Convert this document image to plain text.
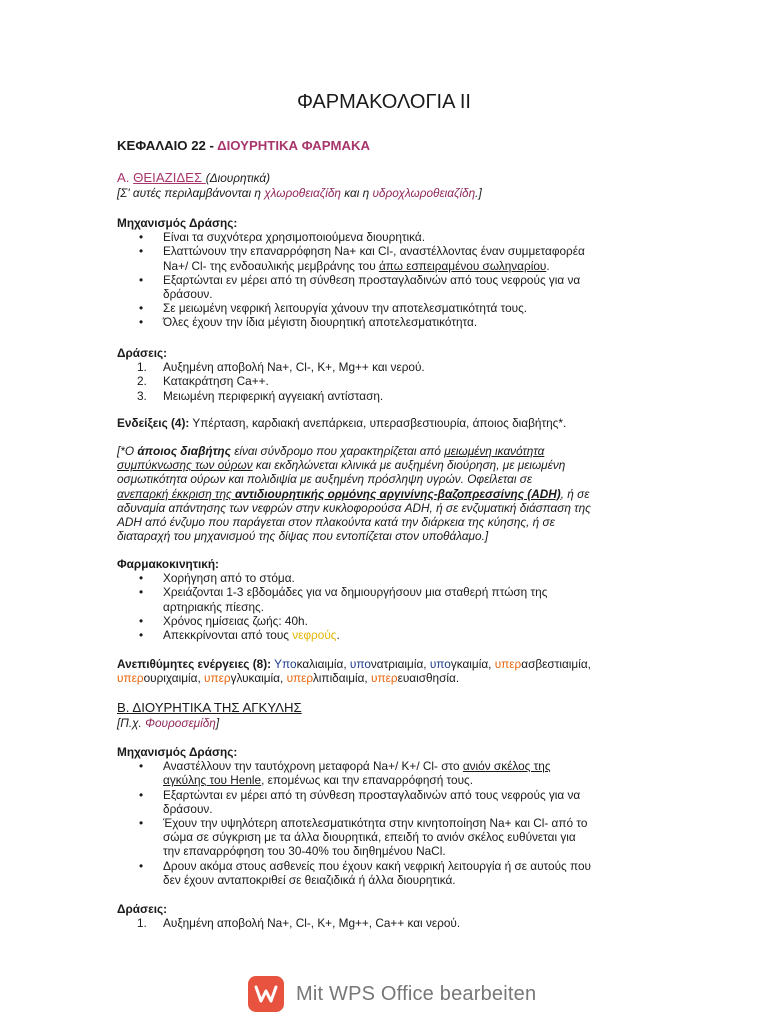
ΦΑΡΜΑΚΟΛΟΓΙΑ ΙΙ
ΚΕΦΑΛΑΙΟ 22 - ΔΙΟΥΡΗΤΙΚΑ ΦΑΡΜΑΚΑ
Α. ΘΕΙΑΖΙΔΕΣ (Διουρητικά)
[Σ' αυτές περιλαμβάνονται η χλωροθειαζίδη και η υδροχλωροθειαζίδη.]
Μηχανισμός Δράσης:
• Είναι τα συχνότερα χρησιμοποιούμενα διουρητικά.
• Ελαττώνουν την επαναρρόφηση Na+ και Cl-, αναστέλλοντας έναν συμμεταφορέα
Na+/ Cl- της ενδοαυλικής μεμβράνης του άπω εσπειραμένου σωληναρίου.
• Εξαρτώνται εν μέρει από τη σύνθεση προσταγλαδινών από τους νεφρούς για να
δράσουν.
• Σε μειωμένη νεφρική λειτουργία χάνουν την αποτελεσματικότητά τους.
• Όλες έχουν την ίδια μέγιστη διουρητική αποτελεσματικότητα.
Δράσεις:
1. Αυξημένη αποβολή Na+, Cl-, K+, Mg++ και νερού.
2. Κατακράτηση Ca++.
3. Μειωμένη περιφερική αγγειακή αντίσταση.
Ενδείξεις (4): Υπέρταση, καρδιακή ανεπάρκεια, υπερασβεστιουρία, άποιος διαβήτης*.
[*Ο άποιος διαβήτης είναι σύνδρομο που χαρακτηρίζεται από μειωμένη ικανότητα
συμπύκνωσης των ούρων και εκδηλώνεται κλινικά με αυξημένη διούρηση, με μειωμένη
οσμωτικότητα ούρων και πολιδιψία με αυξημένη πρόσληψη υγρών. Οφείλεται σε
ανεπαρκή έκκριση της αντιδιουρητικής ορμόνης αργινίνης-βαζοπρεσσίνης (ADH), ή σε
αδυναμία απάντησης των νεφρών στην κυκλοφορούσα ADH, ή σε ενζυματική διάσπαση της
ADH από ένζυμο που παράγεται στον πλακούντα κατά την διάρκεια της κύησης, ή σε
διαταραχή του μηχανισμού της δίψας που εντοπίζεται στον υποθάλαμο.]
Φαρμακοκινητική:
• Χορήγηση από το στόμα.
• Χρειάζονται 1-3 εβδομάδες για να δημιουργήσουν μια σταθερή πτώση της
αρτηριακής πίεσης.
• Χρόνος ημίσειας ζωής: 40h.
• Απεκκρίνονται από τους νεφρούς.
Ανεπιθύμητες ενέργειες (8): Υποκαλιαιμία, υπονατριαιμία, υπογκαιμία, υπερασβεστιαιμία,
υπερουριχαιμία, υπεργλυκαιμία, υπερλιπιδαιμία, υπερευαισθησία.
Β. ΔΙΟΥΡΗΤΙΚΑ ΤΗΣ ΑΓΚΥΛΗΣ
[Π.χ. Φουροσεμίδη]
Μηχανισμός Δράσης:
• Αναστέλλουν την ταυτόχρονη μεταφορά Na+/ K+/ Cl- στο ανιόν σκέλος της
αγκύλης του Henle, επομένως και την επαναρρόφησή τους.
• Εξαρτώνται εν μέρει από τη σύνθεση προσταγλαδινών από τους νεφρούς για να
δράσουν.
• Έχουν την υψηλότερη αποτελεσματικότητα στην κινητοποίηση Na+ και Cl- από το
σώμα σε σύγκριση με τα άλλα διουρητικά, επειδή το ανιόν σκέλος ευθύνεται για
την επαναρρόφηση του 30-40% του διηθημένου NaCl.
• Δρουν ακόμα στους ασθενείς που έχουν κακή νεφρική λειτουργία ή σε αυτούς που
δεν έχουν ανταποκριθεί σε θειαζιδικά ή άλλα διουρητικά.
Δράσεις:
1. Αυξημένη αποβολή Na+, Cl-, K+, Mg++, Ca++ και νερού.
Mit WPS Office bearbeiten
